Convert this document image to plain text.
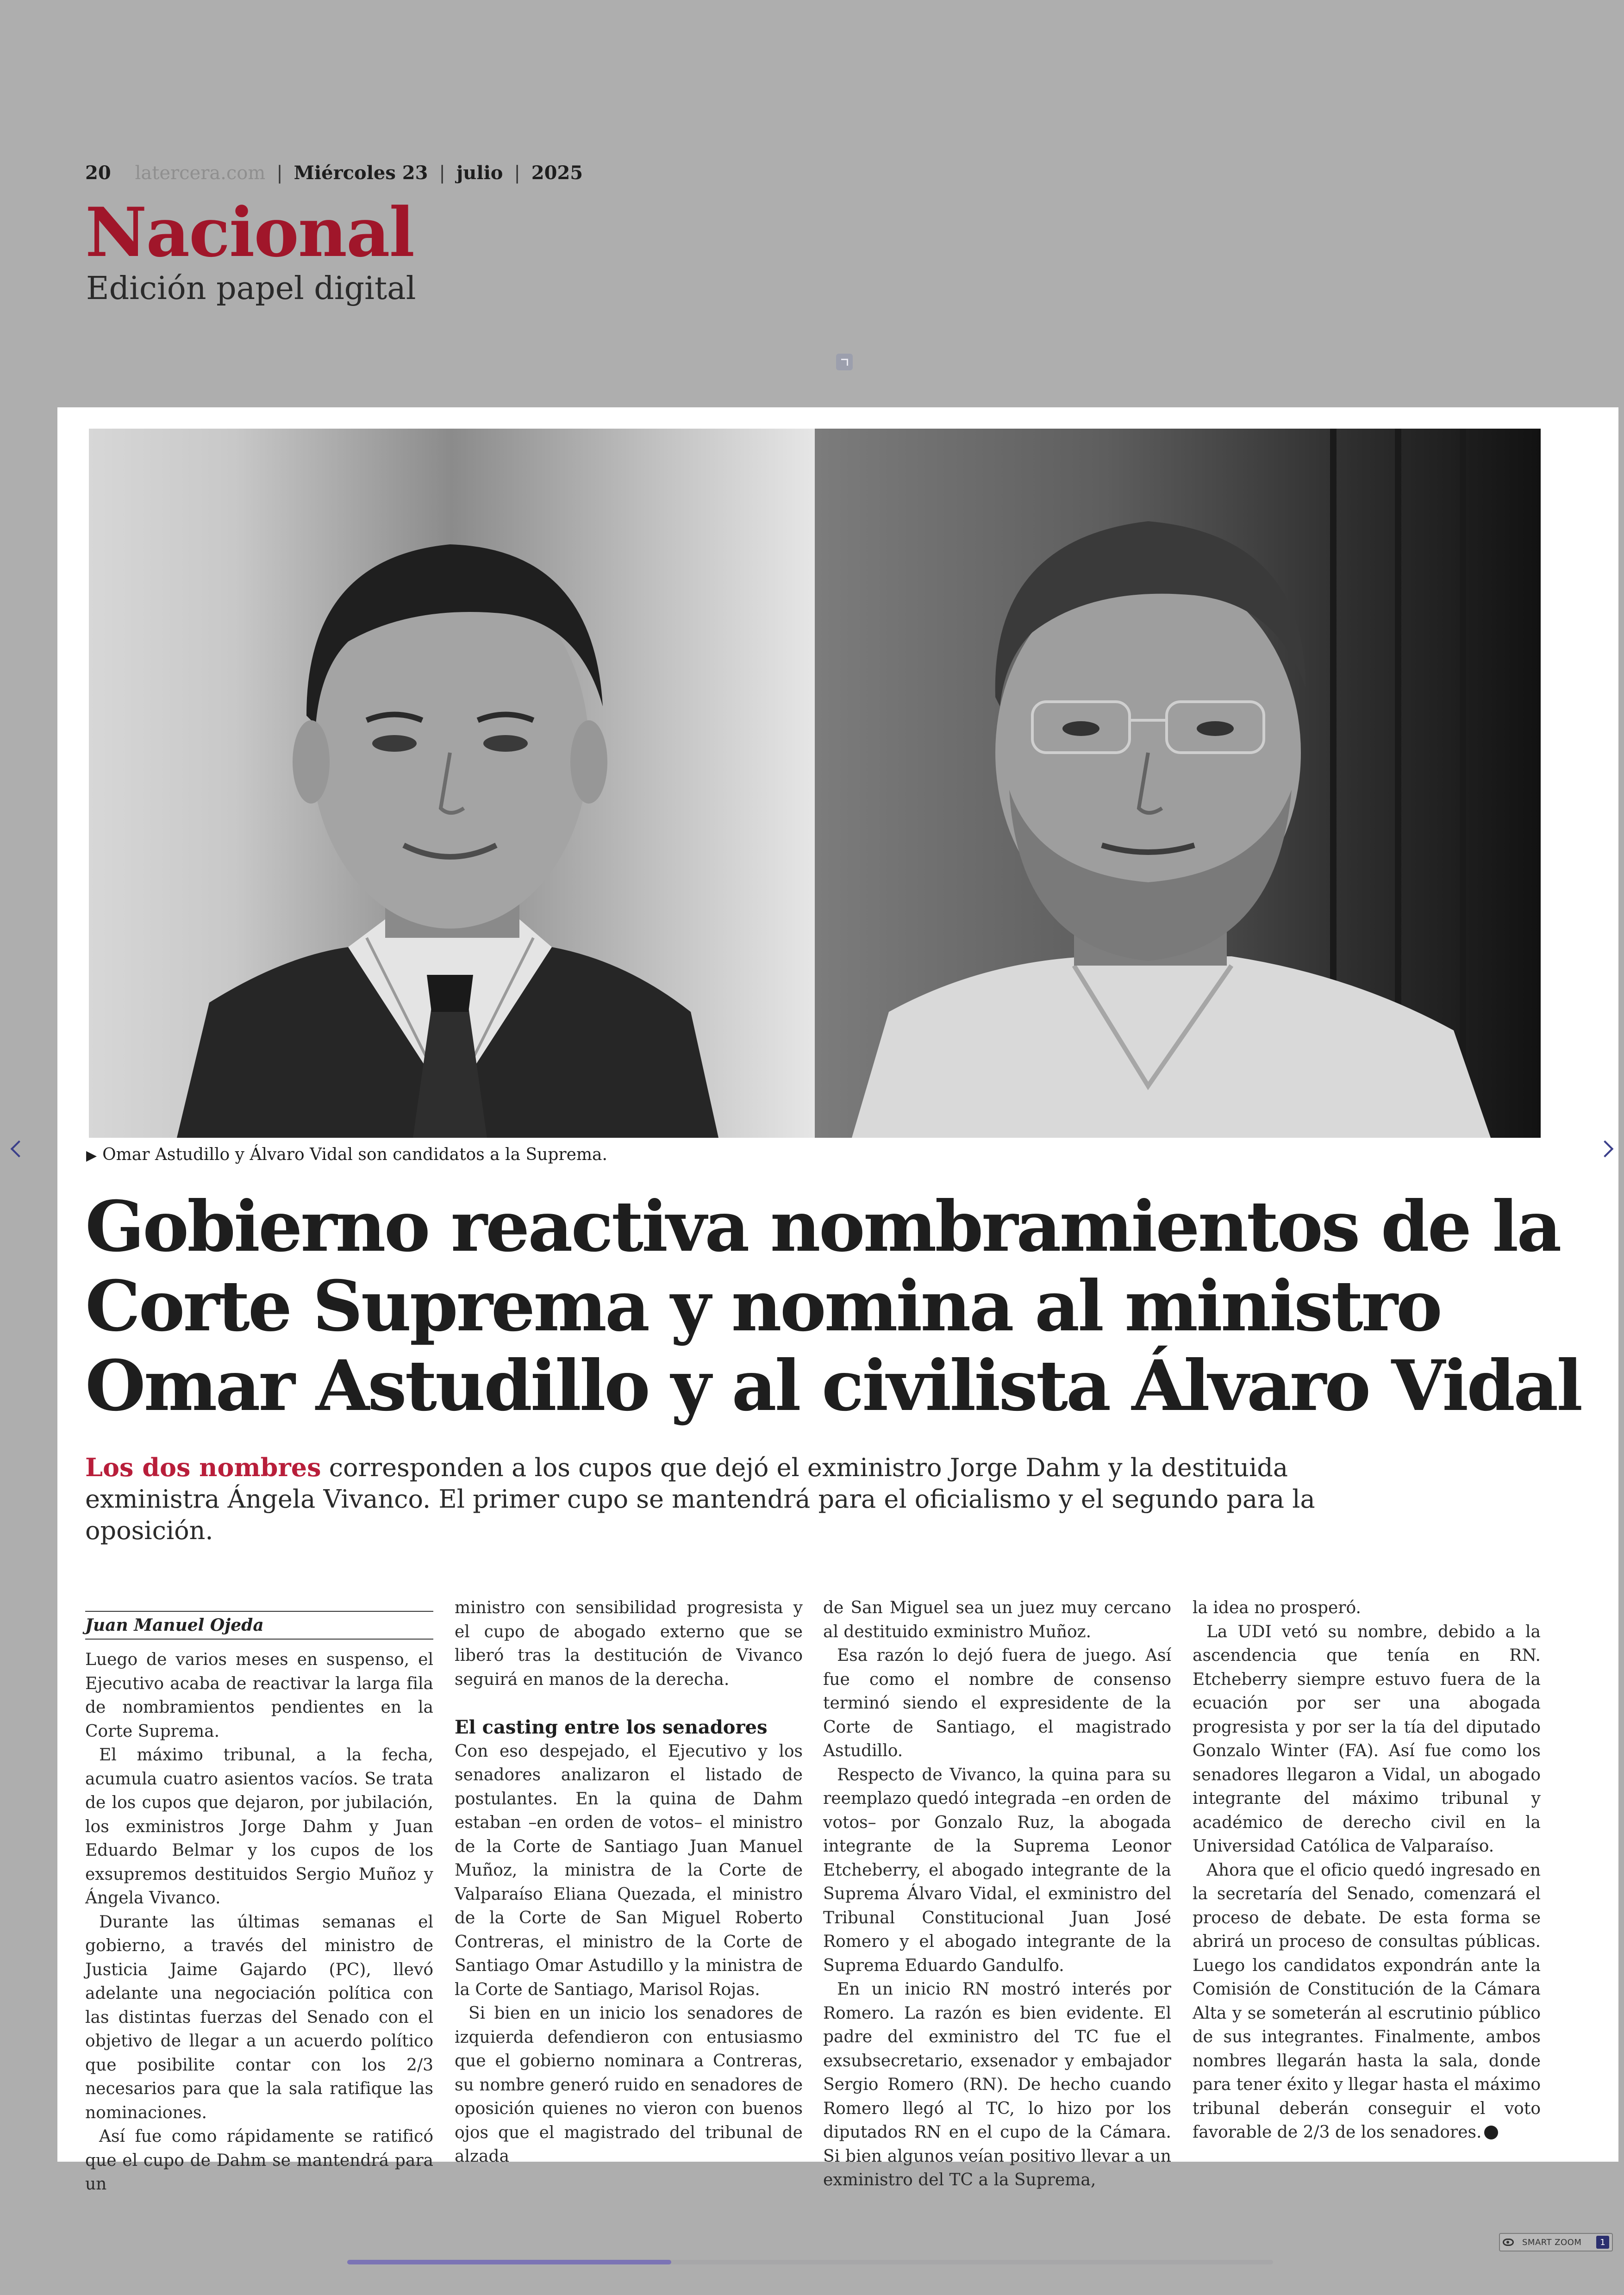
20 latercera.com | Miércoles 23 | julio | 2025
Nacional
Edición papel digital
▶ Omar Astudillo y Álvaro Vidal son candidatos a la Suprema.
Gobierno reactiva nombramientos de la Corte Suprema y nomina al ministro Omar Astudillo y al civilista Álvaro Vidal

Los dos nombres corresponden a los cupos que dejó el exministro Jorge Dahm y la destituida exministra Ángela Vivanco. El primer cupo se mantendrá para el oficialismo y el segundo para la oposición.

Juan Manuel Ojeda

Luego de varios meses en suspenso, el Ejecutivo acaba de reactivar la larga fila de nombramientos pendientes en la Corte Suprema.

El máximo tribunal, a la fecha, acumula cuatro asientos vacíos. Se trata de los cupos que dejaron, por jubilación, los exministros Jorge Dahm y Juan Eduardo Belmar y los cupos de los exsupremos destituidos Sergio Muñoz y Ángela Vivanco.

Durante las últimas semanas el gobierno, a través del ministro de Justicia Jaime Gajardo (PC), llevó adelante una negociación política con las distintas fuerzas del Senado con el objetivo de llegar a un acuerdo político que posibilite contar con los 2/3 necesarios para que la sala ratifique las nominaciones.

Así fue como rápidamente se ratificó que el cupo de Dahm se mantendrá para un

ministro con sensibilidad progresista y el cupo de abogado externo que se liberó tras la destitución de Vivanco seguirá en manos de la derecha.

El casting entre los senadores

Con eso despejado, el Ejecutivo y los senadores analizaron el listado de postulantes. En la quina de Dahm estaban –en orden de votos– el ministro de la Corte de Santiago Juan Manuel Muñoz, la ministra de la Corte de Valparaíso Eliana Quezada, el ministro de la Corte de San Miguel Roberto Contreras, el ministro de la Corte de Santiago Omar Astudillo y la ministra de la Corte de Santiago, Marisol Rojas.

Si bien en un inicio los senadores de izquierda defendieron con entusiasmo que el gobierno nominara a Contreras, su nombre generó ruido en senadores de oposición quienes no vieron con buenos ojos que el magistrado del tribunal de alzada

de San Miguel sea un juez muy cercano al destituido exministro Muñoz.

Esa razón lo dejó fuera de juego. Así fue como el nombre de consenso terminó siendo el expresidente de la Corte de Santiago, el magistrado Astudillo.

Respecto de Vivanco, la quina para su reemplazo quedó integrada –en orden de votos– por Gonzalo Ruz, la abogada integrante de la Suprema Leonor Etcheberry, el abogado integrante de la Suprema Álvaro Vidal, el exministro del Tribunal Constitucional Juan José Romero y el abogado integrante de la Suprema Eduardo Gandulfo.

En un inicio RN mostró interés por Romero. La razón es bien evidente. El padre del exministro del TC fue el exsubsecretario, exsenador y embajador Sergio Romero (RN). De hecho cuando Romero llegó al TC, lo hizo por los diputados RN en el cupo de la Cámara. Si bien algunos veían positivo llevar a un exministro del TC a la Suprema,

la idea no prosperó.

La UDI vetó su nombre, debido a la ascendencia que tenía en RN. Etcheberry siempre estuvo fuera de la ecuación por ser una abogada progresista y por ser la tía del diputado Gonzalo Winter (FA). Así fue como los senadores llegaron a Vidal, un abogado integrante del máximo tribunal y académico de derecho civil en la Universidad Católica de Valparaíso.

Ahora que el oficio quedó ingresado en la secretaría del Senado, comenzará el proceso de debate. De esta forma se abrirá un proceso de consultas públicas. Luego los candidatos expondrán ante la Comisión de Constitución de la Cámara Alta y se someterán al escrutinio público de sus integrantes. Finalmente, ambos nombres llegarán hasta la sala, donde para tener éxito y llegar hasta el máximo tribunal deberán conseguir el voto favorable de 2/3 de los senadores.

SMART ZOOM	1
